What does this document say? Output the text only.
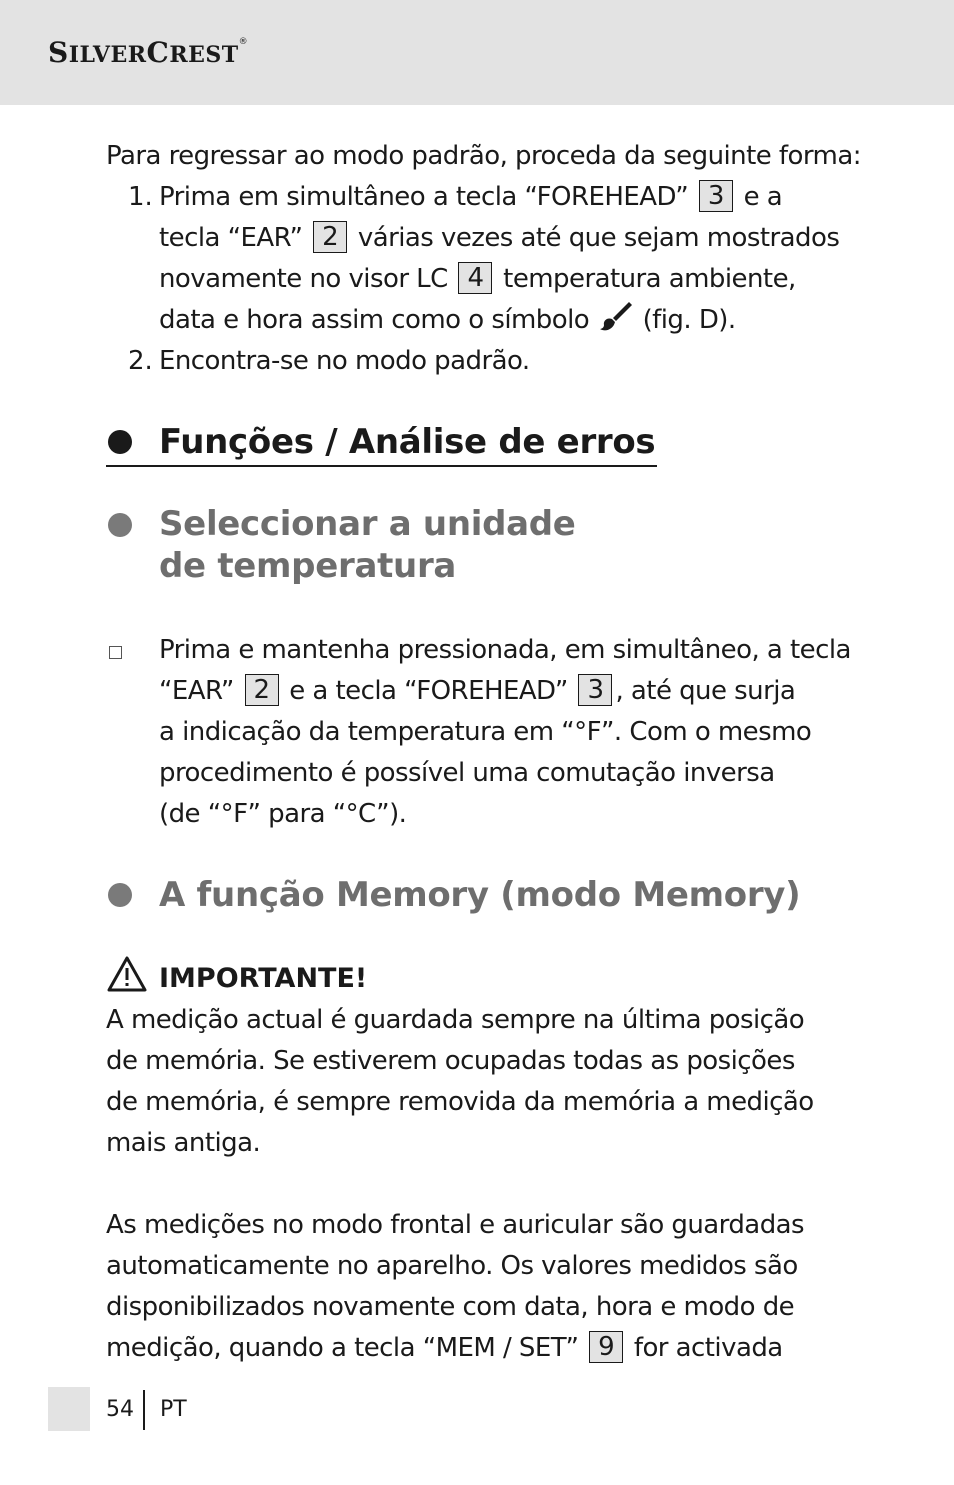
SILVERCREST®
Para regressar ao modo padrão, proceda da seguinte forma:
1. Prima em simultâneo a tecla “FOREHEAD” 3 e a
tecla “EAR” 2 várias vezes até que sejam mostrados
novamente no visor LC 4 temperatura ambiente,
data e hora assim como o símbolo (fig. D).
2. Encontra-se no modo padrão.
Funções / Análise de erros
Seleccionar a unidade
de temperatura
Prima e mantenha pressionada, em simultâneo, a tecla
“EAR” 2 e a tecla “FOREHEAD” 3 , até que surja
a indicação da temperatura em “°F”. Com o mesmo
procedimento é possível uma comutação inversa
(de “°F” para “°C”).
A função Memory (modo Memory)
IMPORTANTE!
A medição actual é guardada sempre na última posição
de memória. Se estiverem ocupadas todas as posições
de memória, é sempre removida da memória a medição
mais antiga.
As medições no modo frontal e auricular são guardadas
automaticamente no aparelho. Os valores medidos são
disponibilizados novamente com data, hora e modo de
medição, quando a tecla “MEM / SET” 9 for activada
54 PT
